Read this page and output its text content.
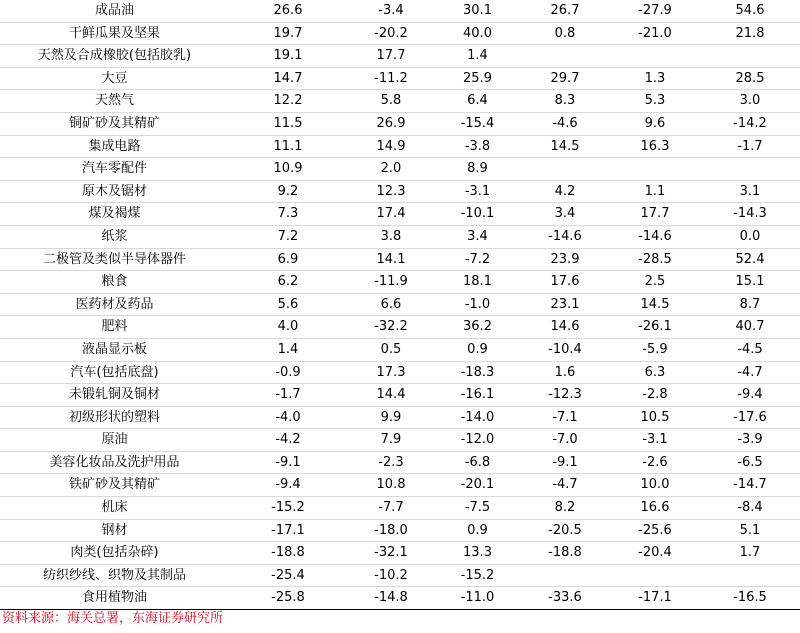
成品油	26.6	-3.4	30.1	26.7	-27.9	54.6
干鲜瓜果及坚果	19.7	-20.2	40.0	0.8	-21.0	21.8
天然及合成橡胶(包括胶乳)	19.1	17.7	1.4			
大豆	14.7	-11.2	25.9	29.7	1.3	28.5
天然气	12.2	5.8	6.4	8.3	5.3	3.0
铜矿砂及其精矿	11.5	26.9	-15.4	-4.6	9.6	-14.2
集成电路	11.1	14.9	-3.8	14.5	16.3	-1.7
汽车零配件	10.9	2.0	8.9			
原木及锯材	9.2	12.3	-3.1	4.2	1.1	3.1
煤及褐煤	7.3	17.4	-10.1	3.4	17.7	-14.3
纸浆	7.2	3.8	3.4	-14.6	-14.6	0.0
二极管及类似半导体器件	6.9	14.1	-7.2	23.9	-28.5	52.4
粮食	6.2	-11.9	18.1	17.6	2.5	15.1
医药材及药品	5.6	6.6	-1.0	23.1	14.5	8.7
肥料	4.0	-32.2	36.2	14.6	-26.1	40.7
液晶显示板	1.4	0.5	0.9	-10.4	-5.9	-4.5
汽车(包括底盘)	-0.9	17.3	-18.3	1.6	6.3	-4.7
未锻轧铜及铜材	-1.7	14.4	-16.1	-12.3	-2.8	-9.4
初级形状的塑料	-4.0	9.9	-14.0	-7.1	10.5	-17.6
原油	-4.2	7.9	-12.0	-7.0	-3.1	-3.9
美容化妆品及洗护用品	-9.1	-2.3	-6.8	-9.1	-2.6	-6.5
铁矿砂及其精矿	-9.4	10.8	-20.1	-4.7	10.0	-14.7
机床	-15.2	-7.7	-7.5	8.2	16.6	-8.4
钢材	-17.1	-18.0	0.9	-20.5	-25.6	5.1
肉类(包括杂碎)	-18.8	-32.1	13.3	-18.8	-20.4	1.7
纺织纱线、织物及其制品	-25.4	-10.2	-15.2			
食用植物油	-25.8	-14.8	-11.0	-33.6	-17.1	-16.5
资料来源：海关总署，东海证券研究所
